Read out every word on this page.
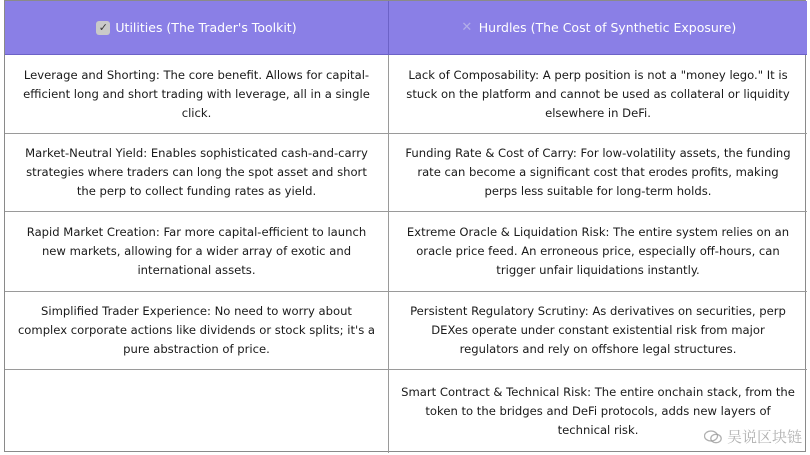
✓ Utilities (The Trader's Toolkit)	✕ Hurdles (The Cost of Synthetic Exposure)
Leverage and Shorting: The core benefit. Allows for capital-efficient long and short trading with leverage, all in a single click.
Lack of Composability: A perp position is not a "money lego." It is stuck on the platform and cannot be used as collateral or liquidity elsewhere in DeFi.
Market-Neutral Yield: Enables sophisticated cash-and-carry strategies where traders can long the spot asset and short the perp to collect funding rates as yield.
Funding Rate & Cost of Carry: For low-volatility assets, the funding rate can become a significant cost that erodes profits, making perps less suitable for long-term holds.
Rapid Market Creation: Far more capital-efficient to launch new markets, allowing for a wider array of exotic and international assets.
Extreme Oracle & Liquidation Risk: The entire system relies on an oracle price feed. An erroneous price, especially off-hours, can trigger unfair liquidations instantly.
Simplified Trader Experience: No need to worry about complex corporate actions like dividends or stock splits; it's a pure abstraction of price.
Persistent Regulatory Scrutiny: As derivatives on securities, perp DEXes operate under constant existential risk from major regulators and rely on offshore legal structures.
Smart Contract & Technical Risk: The entire onchain stack, from the token to the bridges and DeFi protocols, adds new layers of technical risk.	吴说区块链
